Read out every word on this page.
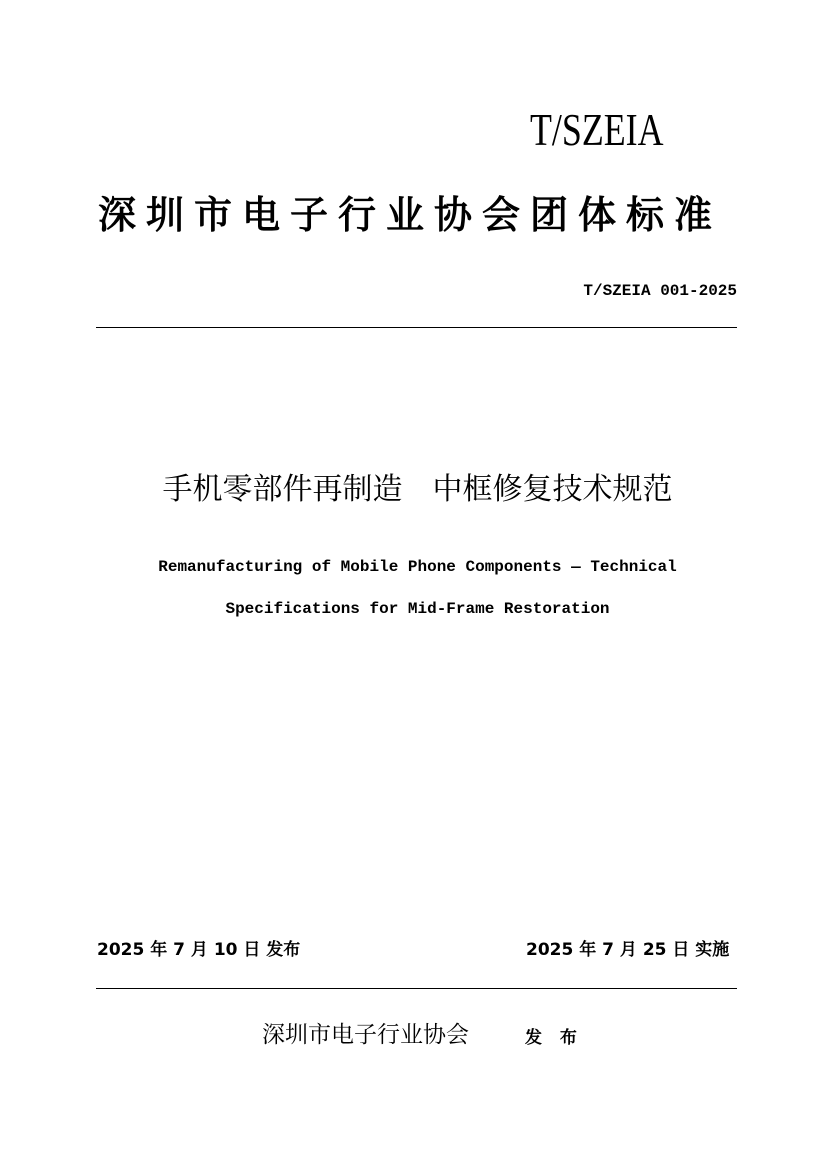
T/SZEIA
深圳市电子行业协会团体标准
T/SZEIA 001-2025
手机零部件再制造　中框修复技术规范
Remanufacturing of Mobile Phone Components — Technical
Specifications for Mid-Frame Restoration
2025 年 7 月 10 日 发布	2025 年 7 月 25 日 实施
深圳市电子行业协会	发 布
